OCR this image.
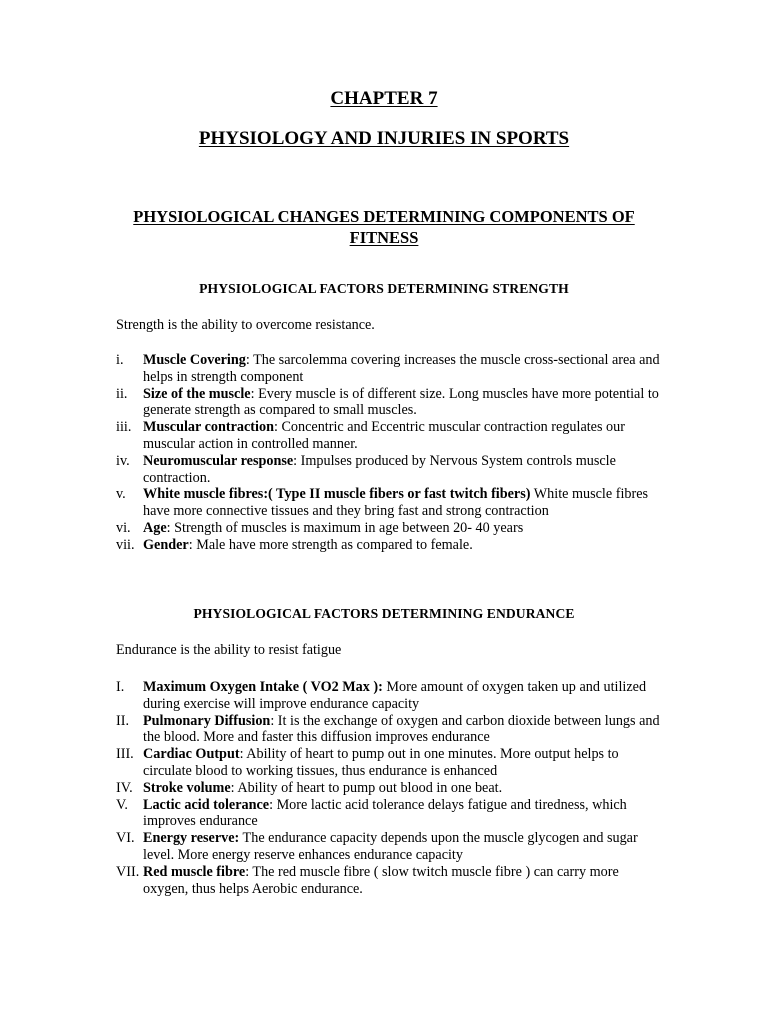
CHAPTER 7
PHYSIOLOGY AND INJURIES IN SPORTS
PHYSIOLOGICAL CHANGES DETERMINING COMPONENTS OF FITNESS
PHYSIOLOGICAL FACTORS DETERMINING STRENGTH
Strength is the ability to overcome resistance.
i. Muscle Covering: The sarcolemma covering increases the muscle cross-sectional area and helps in strength component
ii. Size of the muscle: Every muscle is of different size. Long muscles have more potential to generate strength as compared to small muscles.
iii. Muscular contraction: Concentric and Eccentric muscular contraction regulates our muscular action in controlled manner.
iv. Neuromuscular response: Impulses produced by Nervous System controls muscle contraction.
v. White muscle fibres:( Type II muscle fibers or fast twitch fibers) White muscle fibres have more connective tissues and they bring fast and strong contraction
vi. Age: Strength of muscles is maximum in age between 20- 40 years
vii. Gender: Male have more strength as compared to female.
PHYSIOLOGICAL FACTORS DETERMINING ENDURANCE
Endurance is the ability to resist fatigue
I. Maximum Oxygen Intake ( VO2 Max ): More amount of oxygen taken up and utilized during exercise will improve endurance capacity
II. Pulmonary Diffusion: It is the exchange of oxygen and carbon dioxide between lungs and the blood. More and faster this diffusion improves endurance
III. Cardiac Output: Ability of heart to pump out in one minutes. More output helps to circulate blood to working tissues, thus endurance is enhanced
IV. Stroke volume: Ability of heart to pump out blood in one beat.
V. Lactic acid tolerance: More lactic acid tolerance delays fatigue and tiredness, which improves endurance
VI. Energy reserve: The endurance capacity depends upon the muscle glycogen and sugar level. More energy reserve enhances endurance capacity
VII. Red muscle fibre: The red muscle fibre ( slow twitch muscle fibre ) can carry more oxygen, thus helps Aerobic endurance.
